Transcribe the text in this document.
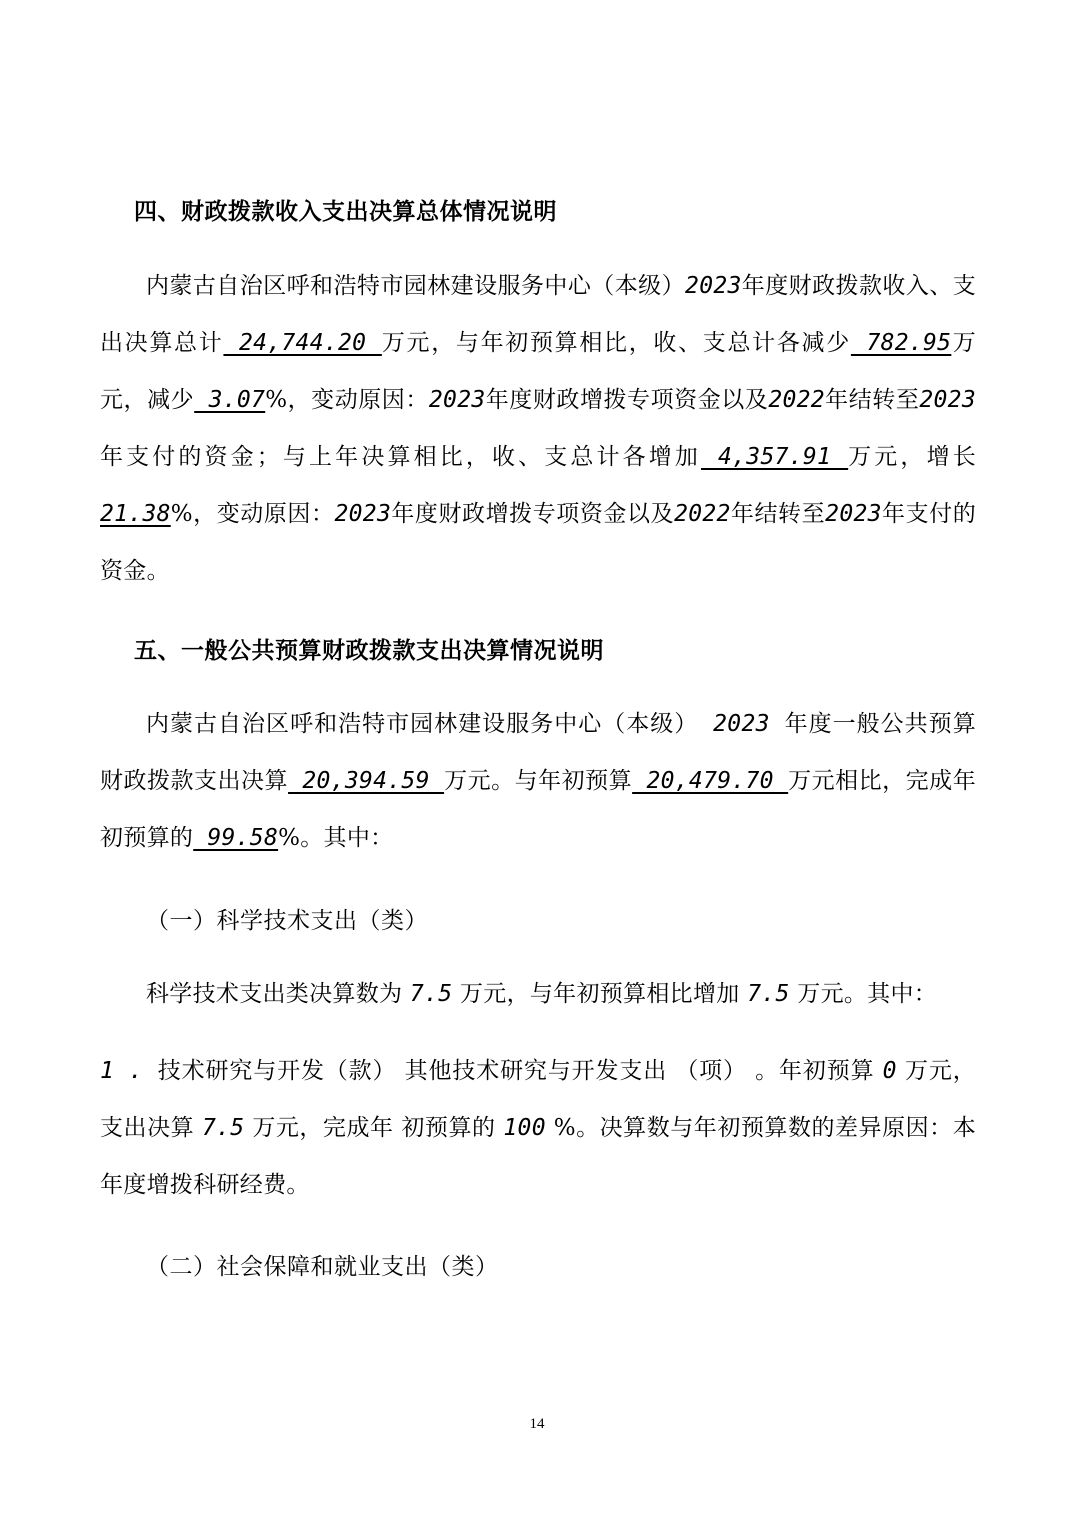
四、财政拨款收入支出决算总体情况说明
内蒙古自治区呼和浩特市园林建设服务中心（本级）2023年度财政拨款收入、支出决算总计 24,744.20 万元，与年初预算相比，收、支总计各减少 782.95万元，减少 3.07%，变动原因：2023年度财政增拨专项资金以及2022年结转至2023年支付的资金；与上年决算相比，收、支总计各增加 4,357.91 万元，增长 21.38%，变动原因：2023年度财政增拨专项资金以及2022年结转至2023年支付的资金。
五、一般公共预算财政拨款支出决算情况说明
内蒙古自治区呼和浩特市园林建设服务中心（本级） 2023 年度一般公共预算财政拨款支出决算 20,394.59 万元。与年初预算 20,479.70 万元相比，完成年初预算的 99.58%。其中：
（一）科学技术支出（类）
科学技术支出类决算数为 7.5 万元，与年初预算相比增加 7.5 万元。其中：
1 . 技术研究与开发（款） 其他技术研究与开发支出 （项） 。年初预算 0 万元，支出决算 7.5 万元，完成年 初预算的 100 %。决算数与年初预算数的差异原因：本年度增拨科研经费。
（二）社会保障和就业支出（类）
14
